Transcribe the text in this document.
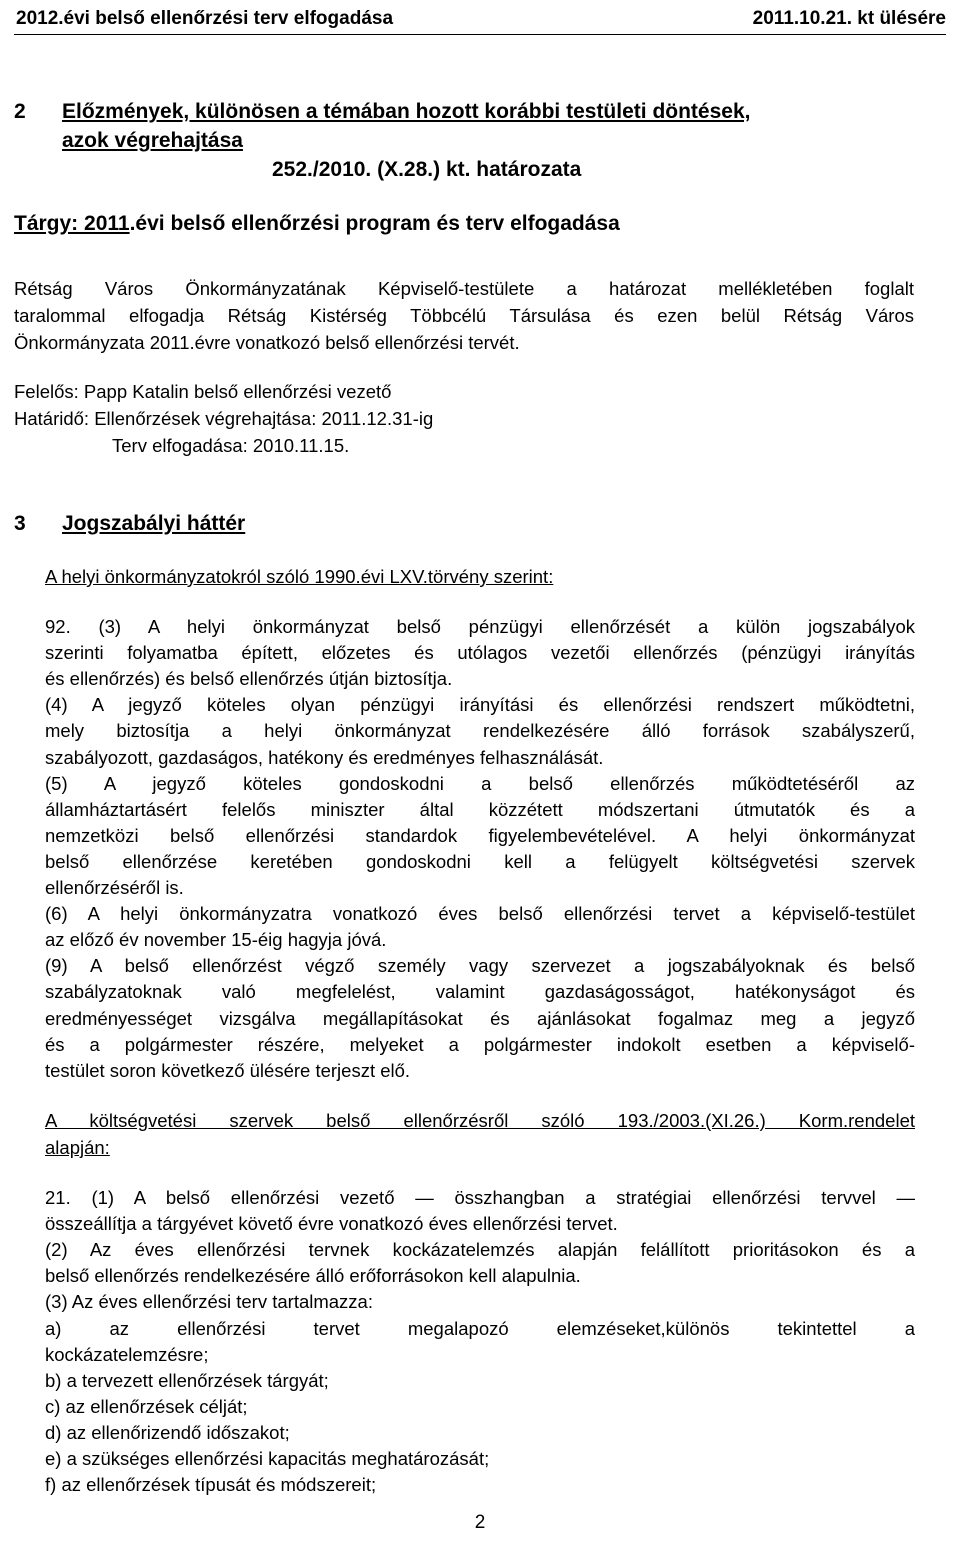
2012.évi belső ellenőrzési terv elfogadása	2011.10.21. kt ülésére
2 Előzmények, különösen a témában hozott korábbi testületi döntések,
azok végrehajtása
252./2010. (X.28.) kt. határozata
Tárgy: 2011.évi belső ellenőrzési program és terv elfogadása
Rétság Város Önkormányzatának Képviselő-testülete a határozat mellékletében foglalt
taralommal elfogadja Rétság Kistérség Többcélú Társulása és ezen belül Rétság Város
Önkormányzata 2011.évre vonatkozó belső ellenőrzési tervét.
Felelős: Papp Katalin belső ellenőrzési vezető
Határidő: Ellenőrzések végrehajtása: 2011.12.31-ig
Terv elfogadása: 2010.11.15.
3 Jogszabályi háttér
A helyi önkormányzatokról szóló 1990.évi LXV.törvény szerint:
92. (3) A helyi önkormányzat belső pénzügyi ellenőrzését a külön jogszabályok
szerinti folyamatba épített, előzetes és utólagos vezetői ellenőrzés (pénzügyi irányítás
és ellenőrzés) és belső ellenőrzés útján biztosítja.
(4) A jegyző köteles olyan pénzügyi irányítási és ellenőrzési rendszert működtetni,
mely biztosítja a helyi önkormányzat rendelkezésére álló források szabályszerű,
szabályozott, gazdaságos, hatékony és eredményes felhasználását.
(5) A jegyző köteles gondoskodni a belső ellenőrzés működtetéséről az
államháztartásért felelős miniszter által közzétett módszertani útmutatók és a
nemzetközi belső ellenőrzési standardok figyelembevételével. A helyi önkormányzat
belső ellenőrzése keretében gondoskodni kell a felügyelt költségvetési szervek
ellenőrzéséről is.
(6) A helyi önkormányzatra vonatkozó éves belső ellenőrzési tervet a képviselő-testület
az előző év november 15-éig hagyja jóvá.
(9) A belső ellenőrzést végző személy vagy szervezet a jogszabályoknak és belső
szabályzatoknak való megfelelést, valamint gazdaságosságot, hatékonyságot és
eredményességet vizsgálva megállapításokat és ajánlásokat fogalmaz meg a jegyző
és a polgármester részére, melyeket a polgármester indokolt esetben a képviselő-
testület soron következő ülésére terjeszt elő.
A költségvetési szervek belső ellenőrzésről szóló 193./2003.(XI.26.) Korm.rendelet
alapján:
21. (1) A belső ellenőrzési vezető — összhangban a stratégiai ellenőrzési tervvel —
összeállítja a tárgyévet követő évre vonatkozó éves ellenőrzési tervet.
(2) Az éves ellenőrzési tervnek kockázatelemzés alapján felállított prioritásokon és a
belső ellenőrzés rendelkezésére álló erőforrásokon kell alapulnia.
(3) Az éves ellenőrzési terv tartalmazza:
a) az ellenőrzési tervet megalapozó elemzéseket,különös tekintettel a
kockázatelemzésre;
b) a tervezett ellenőrzések tárgyát;
c) az ellenőrzések célját;
d) az ellenőrizendő időszakot;
e) a szükséges ellenőrzési kapacitás meghatározását;
f) az ellenőrzések típusát és módszereit;
2
